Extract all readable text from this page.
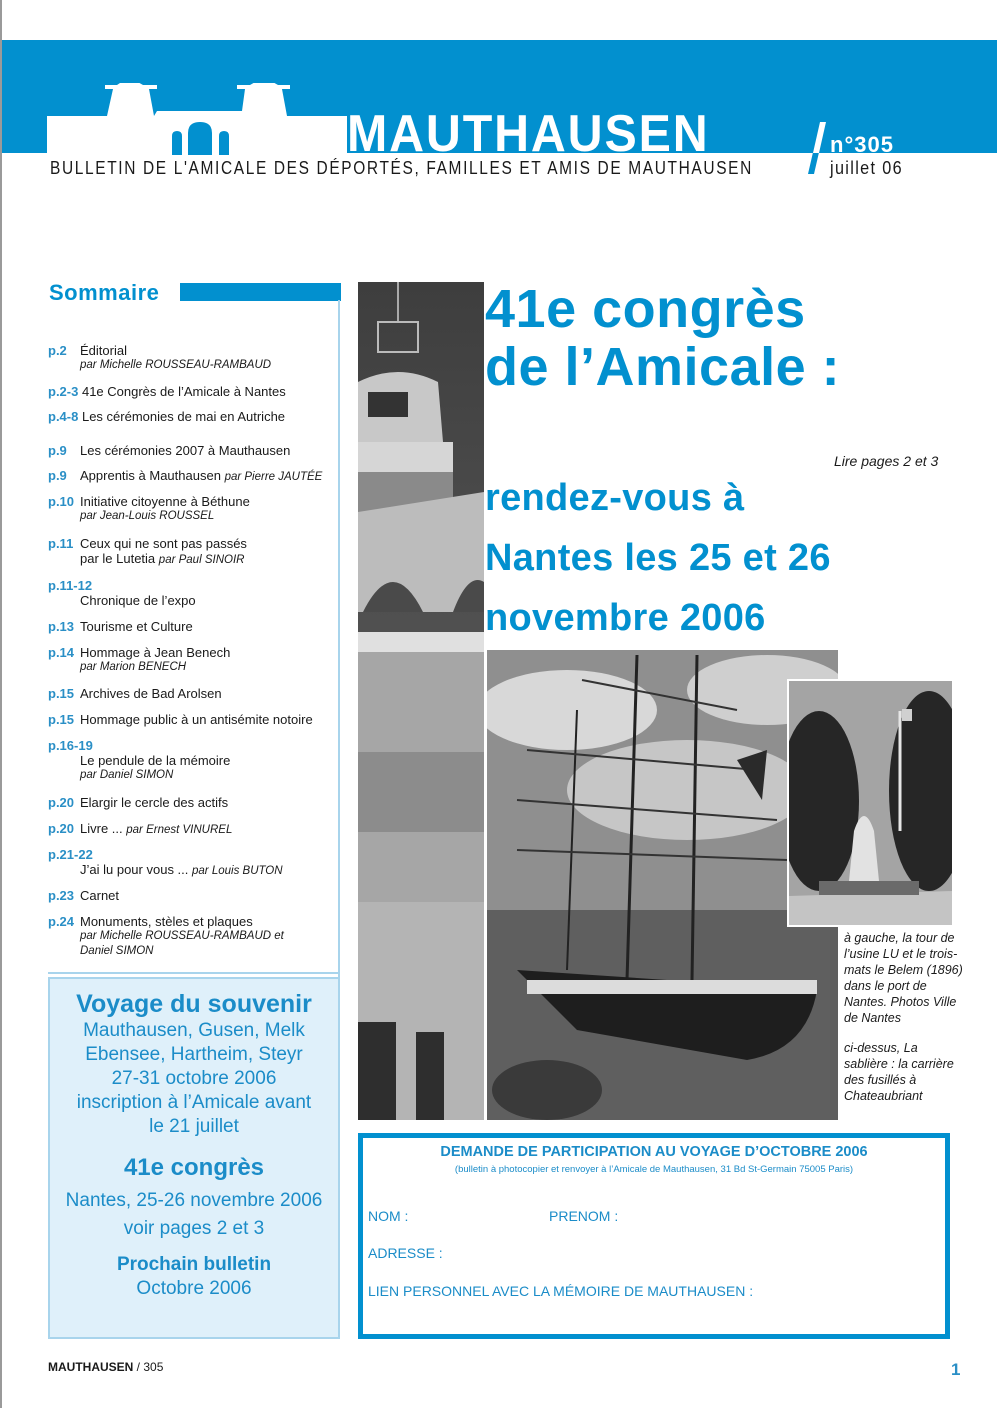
MAUTHAUSEN
BULLETIN DE L'AMICALE DES DÉPORTÉS, FAMILLES ET AMIS DE MAUTHAUSEN
n°305
juillet 06
Sommaire
p.2 Éditorial
par Michelle ROUSSEAU-RAMBAUD
p.2-3 41e Congrès de l’Amicale à Nantes
p.4-8 Les cérémonies de mai en Autriche
p.9 Les cérémonies 2007 à Mauthausen
p.9 Apprentis à Mauthausen par Pierre JAUTÉE
p.10 Initiative citoyenne à Béthune
par Jean-Louis ROUSSEL
p.11 Ceux qui ne sont pas passés
par le Lutetia par Paul SINOIR
p.11-12
Chronique de l’expo
p.13 Tourisme et Culture
p.14 Hommage à Jean Benech
par Marion BENECH
p.15 Archives de Bad Arolsen
p.15 Hommage public à un antisémite notoire
p.16-19
Le pendule de la mémoire
par Daniel SIMON
p.20 Elargir le cercle des actifs
p.20 Livre ... par Ernest VINUREL
p.21-22
J’ai lu pour vous ... par Louis BUTON
p.23 Carnet
p.24 Monuments, stèles et plaques
par Michelle ROUSSEAU-RAMBAUD et
Daniel SIMON
Voyage du souvenir
Mauthausen, Gusen, Melk
Ebensee, Hartheim, Steyr
27-31 octobre 2006
inscription à l’Amicale avant
le 21 juillet
41e congrès
Nantes, 25-26 novembre 2006
voir pages 2 et 3
Prochain bulletin
Octobre 2006
41e congrès
de l’Amicale :
Lire pages 2 et 3
rendez-vous à
Nantes les 25 et 26
novembre 2006

à gauche, la tour de l’usine LU et le trois-mats le Belem (1896) dans le port de Nantes. Photos Ville de Nantes

ci-dessus, La sablière : la carrière des fusillés à Chateaubriant

DEMANDE DE PARTICIPATION AU VOYAGE D’OCTOBRE 2006
(bulletin à photocopier et renvoyer à l’Amicale de Mauthausen, 31 Bd St-Germain 75005 Paris)
NOM :	PRENOM :
ADRESSE :
LIEN PERSONNEL AVEC LA MÉMOIRE DE MAUTHAUSEN :
MAUTHAUSEN / 305	1
